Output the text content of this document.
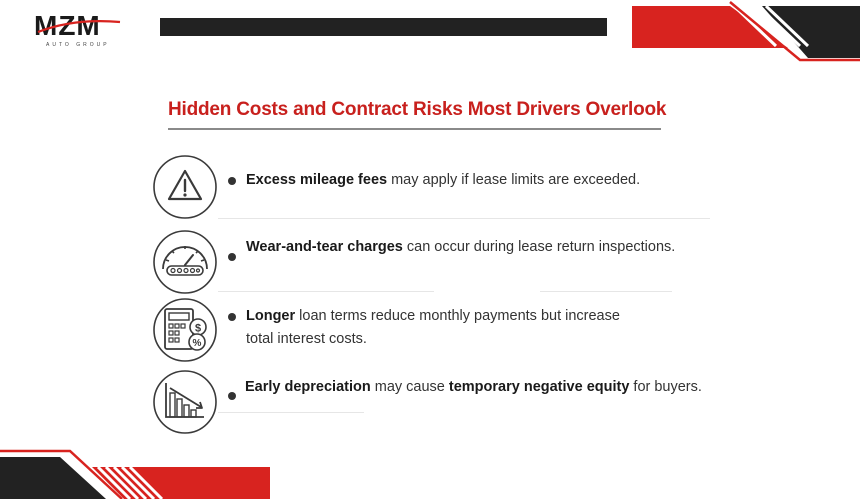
MZM
AUTO GROUP
Hidden Costs and Contract Risks Most Drivers Overlook
Excess mileage fees may apply if lease limits are exceeded.
Wear-and-tear charges can occur during lease return inspections.
$
%
Longer loan terms reduce monthly payments but increase
total interest costs.
Early depreciation may cause temporary negative equity for buyers.
